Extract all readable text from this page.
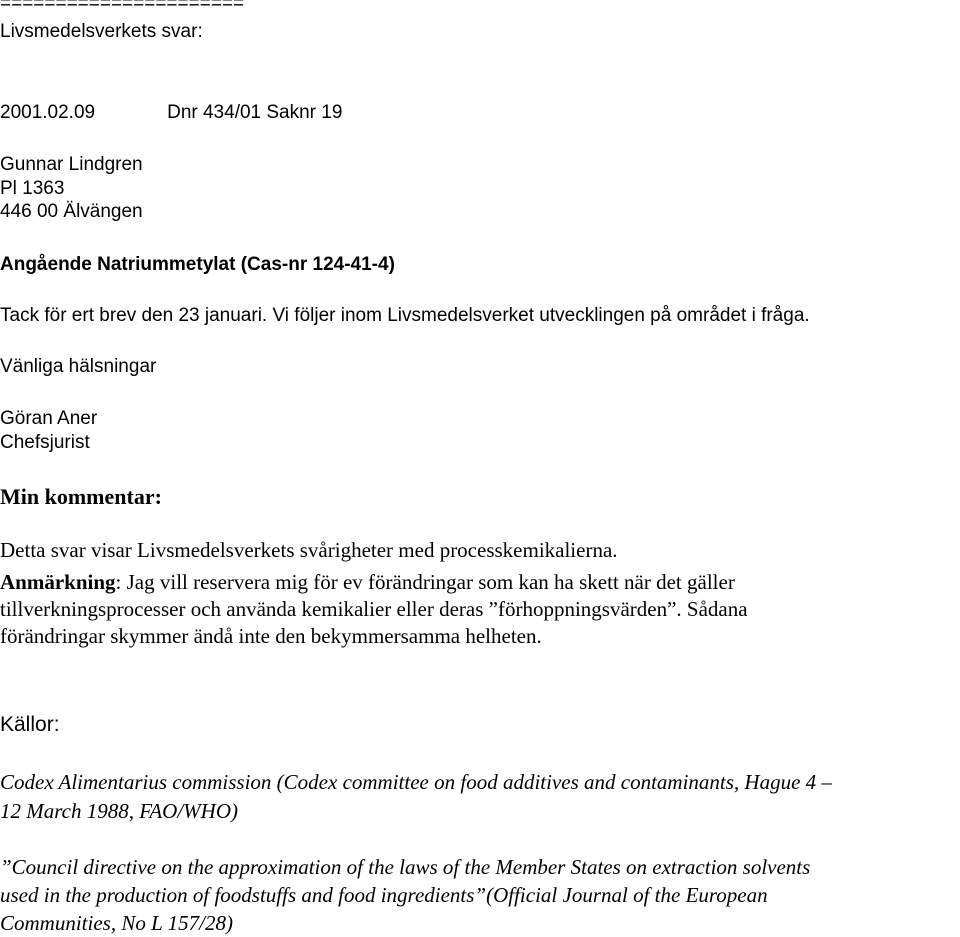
======================
Livsmedelsverkets svar:
2001.02.09	Dnr 434/01 Saknr 19
Gunnar Lindgren
Pl 1363
446 00 Älvängen
Angående Natriummetylat (Cas-nr 124-41-4)
Tack för ert brev den 23 januari. Vi följer inom Livsmedelsverket utvecklingen på området i fråga.
Vänliga hälsningar
Göran Aner
Chefsjurist
Min kommentar:
Detta svar visar Livsmedelsverkets svårigheter med processkemikalierna.
Anmärkning: Jag vill reservera mig för ev förändringar som kan ha skett när det gäller
tillverkningsprocesser och använda kemikalier eller deras ”förhoppningsvärden”. Sådana
förändringar skymmer ändå inte den bekymmersamma helheten.
Källor:
Codex Alimentarius commission (Codex committee on food additives and contaminants, Hague 4 –
12 March 1988, FAO/WHO)
”Council directive on the approximation of the laws of the Member States on extraction solvents
used in the production of foodstuffs and food ingredients”(Official Journal of the European
Communities, No L 157/28)
